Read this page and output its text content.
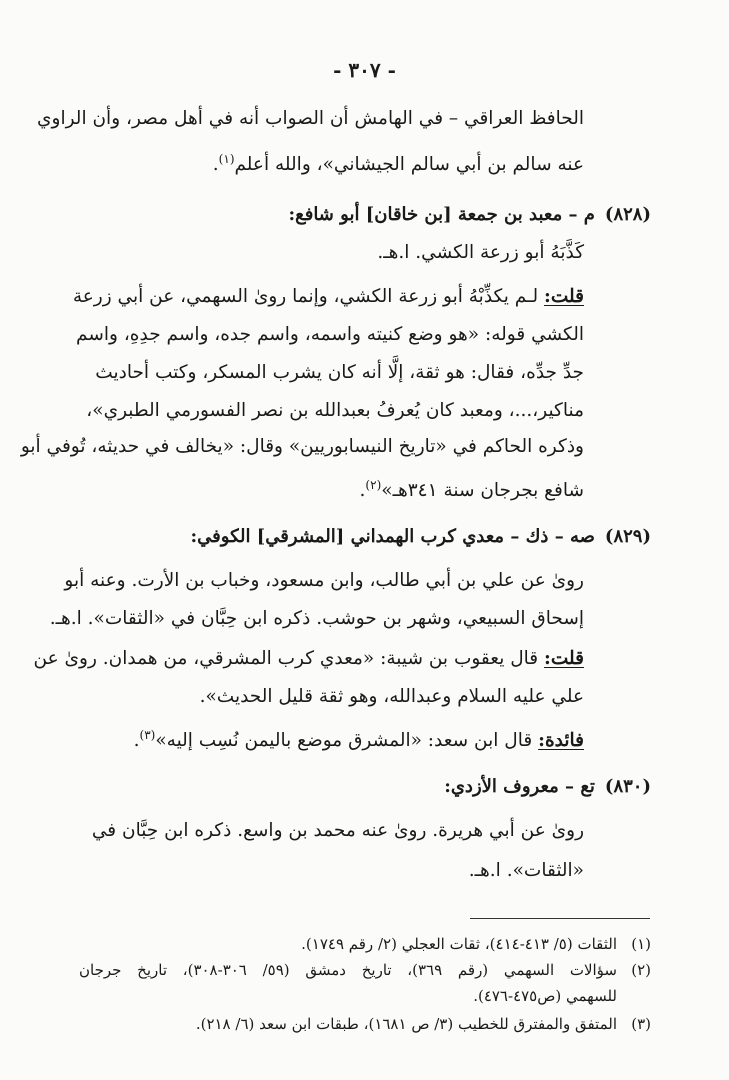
- ٣٠٧ -
الحافظ العراقي – في الهامش أن الصواب أنه في أهل مصر، وأن الراوي
عنه سالم بن أبي سالم الجيشاني»، والله أعلم$^{(١)}$.
(٨٢٨)م – معبد بن جمعة [بن خاقان] أبو شافع:
كَذَّبَهُ أبو زرعة الكشي. ا.هـ.
قلت: لـم يكذِّبْهُ أبو زرعة الكشي، وإنما روىٰ السهمي، عن أبي زرعة
الكشي قوله: «هو وضع كنيته واسمه، واسم جده، واسم جدِهِ، واسم
جدِّ جدِّه، فقال: هو ثقة، إلَّا أنه كان يشرب المسكر، وكتب أحاديث
مناكير،...، ومعبد كان يُعرفُ بعبدالله بن نصر الفسورمي الطبري»،
وذكره الحاكم في «تاريخ النيسابوريين» وقال: «يخالف في حديثه، تُوفي أبو
شافع بجرجان سنة ٣٤١هـ»$^{(٢)}$.
(٨٢٩)صه – ذك – معدي كرب الهمداني [المشرقي] الكوفي:
روىٰ عن علي بن أبي طالب، وابن مسعود، وخباب بن الأرت. وعنه أبو
إسحاق السبيعي، وشهر بن حوشب. ذكره ابن حِبَّان في «الثقات». ا.هـ.
قلت: قال يعقوب بن شيبة: «معدي كرب المشرقي، من همدان. روىٰ عن
علي عليه السلام وعبدالله، وهو ثقة قليل الحديث».
فائدة: قال ابن سعد: «المشرق موضع باليمن نُسِب إليه»$^{(٣)}$.
(٨٣٠)تع – معروف الأزدي:
روىٰ عن أبي هريرة. روىٰ عنه محمد بن واسع. ذكره ابن حِبَّان في
«الثقات». ا.هـ.
(١)الثقات (٥/ ٤١٣-٤١٤)، ثقات العجلي (٢/ رقم ١٧٤٩).
(٢)سؤالات السهمي (رقم ٣٦٩)، تاريخ دمشق (٥٩/ ٣٠٦-٣٠٨)، تاريخ جرجان
للسهمي (ص٤٧٥-٤٧٦).
(٣)المتفق والمفترق للخطيب (٣/ ص ١٦٨١)، طبقات ابن سعد (٦/ ٢١٨).
